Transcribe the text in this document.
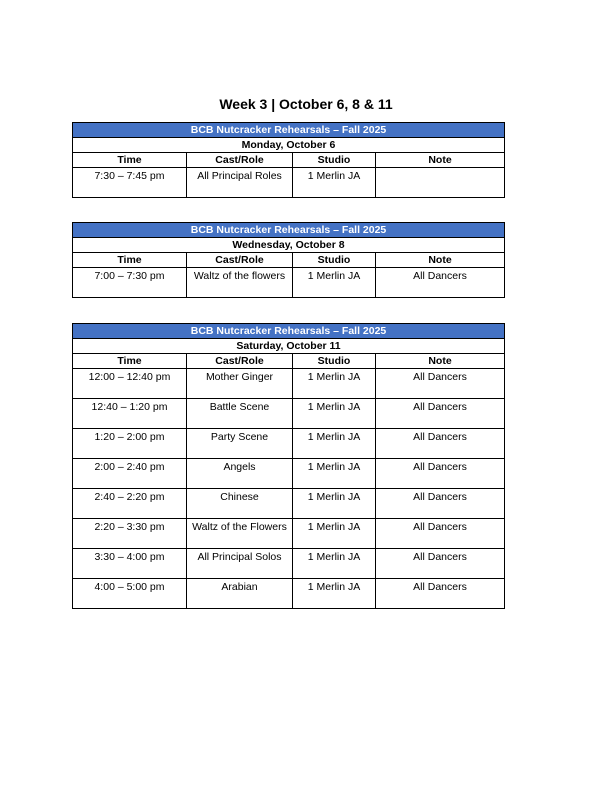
Week 3 | October 6, 8 & 11
BCB Nutcracker Rehearsals – Fall 2025			
Monday, October 6			
Time	Cast/Role	Studio	Note
7:30 – 7:45 pm	All Principal Roles	1 Merlin JA	
BCB Nutcracker Rehearsals – Fall 2025			
Wednesday, October 8			
Time	Cast/Role	Studio	Note
7:00 – 7:30 pm	Waltz of the flowers	1 Merlin JA	All Dancers
BCB Nutcracker Rehearsals – Fall 2025			
Saturday, October 11			
Time	Cast/Role	Studio	Note
12:00 – 12:40 pm	Mother Ginger	1 Merlin JA	All Dancers
12:40 – 1:20 pm	Battle Scene	1 Merlin JA	All Dancers
1:20 – 2:00 pm	Party Scene	1 Merlin JA	All Dancers
2:00 – 2:40 pm	Angels	1 Merlin JA	All Dancers
2:40 – 2:20 pm	Chinese	1 Merlin JA	All Dancers
2:20 – 3:30 pm	Waltz of the Flowers	1 Merlin JA	All Dancers
3:30 – 4:00 pm	All Principal Solos	1 Merlin JA	All Dancers
4:00 – 5:00 pm	Arabian	1 Merlin JA	All Dancers
